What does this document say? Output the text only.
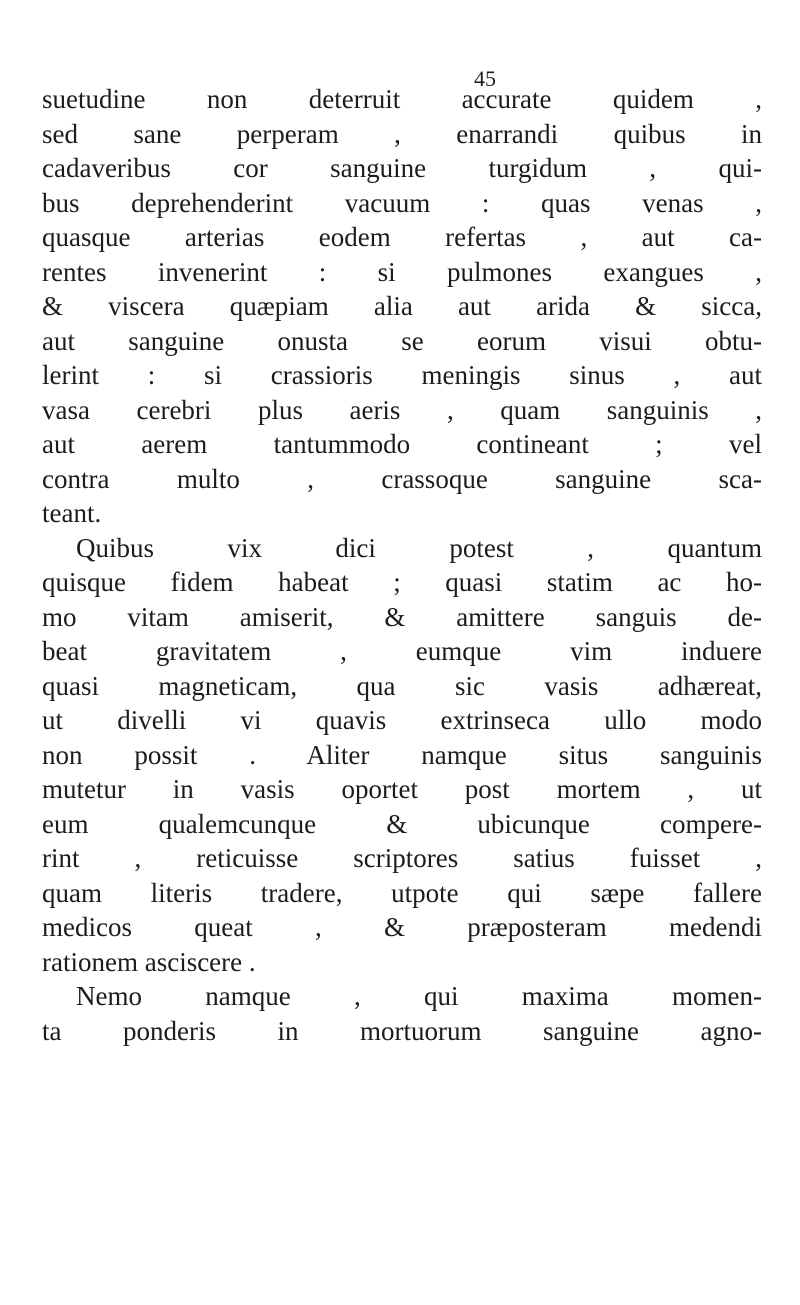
45

suetudine non deterruit accurate quidem ,

sed sane perperam , enarrandi quibus in

cadaveribus cor sanguine turgidum , qui-

bus deprehenderint vacuum : quas venas ,

quasque arterias eodem refertas , aut ca-

rentes invenerint : si pulmones exangues ,

& viscera quæpiam alia aut arida & sicca,

aut sanguine onusta se eorum visui obtu-

lerint : si crassioris meningis sinus , aut

vasa cerebri plus aeris , quam sanguinis ,

aut aerem tantummodo contineant ; vel

contra multo , crassoque sanguine sca-

teant.

Quibus vix dici potest , quantum

quisque fidem habeat ; quasi statim ac ho-

mo vitam amiserit, & amittere sanguis de-

beat gravitatem , eumque vim induere

quasi magneticam, qua sic vasis adhæreat,

ut divelli vi quavis extrinseca ullo modo

non possit . Aliter namque situs sanguinis

mutetur in vasis oportet post mortem , ut

eum qualemcunque & ubicunque compere-

rint , reticuisse scriptores satius fuisset ,

quam literis tradere, utpote qui sæpe fallere

medicos queat , & præposteram medendi

rationem asciscere .

Nemo namque , qui maxima momen-

ta ponderis in mortuorum sanguine agno-
